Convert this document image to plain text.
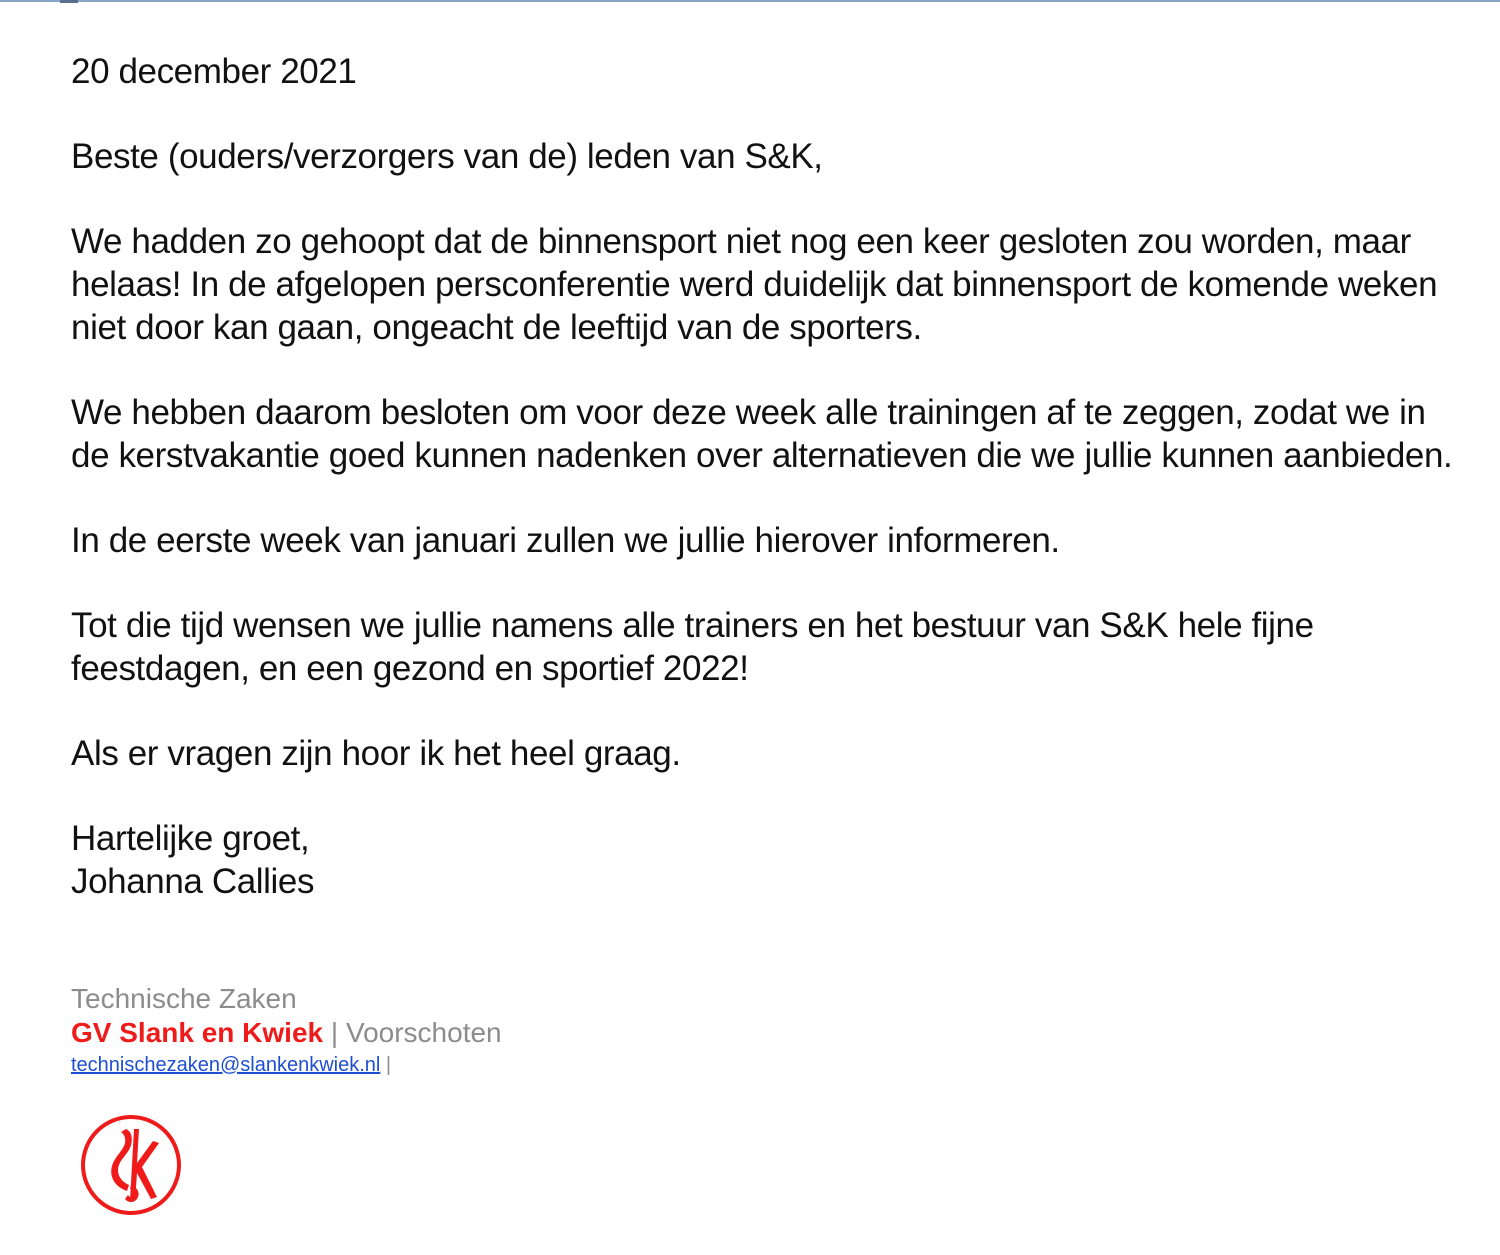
20 december 2021

Beste (ouders/verzorgers van de) leden van S&K,

We hadden zo gehoopt dat de binnensport niet nog een keer gesloten zou worden, maar helaas! In de afgelopen persconferentie werd duidelijk dat binnensport de komende weken niet door kan gaan, ongeacht de leeftijd van de sporters.

We hebben daarom besloten om voor deze week alle trainingen af te zeggen, zodat we in de kerstvakantie goed kunnen nadenken over alternatieven die we jullie kunnen aanbieden.

In de eerste week van januari zullen we jullie hierover informeren.

Tot die tijd wensen we jullie namens alle trainers en het bestuur van S&K hele fijne feestdagen, en een gezond en sportief 2022!

Als er vragen zijn hoor ik het heel graag.

Hartelijke groet,

Johanna Callies

Technische Zaken
GV Slank en Kwiek | Voorschoten
technischezaken@slankenkwiek.nl |
